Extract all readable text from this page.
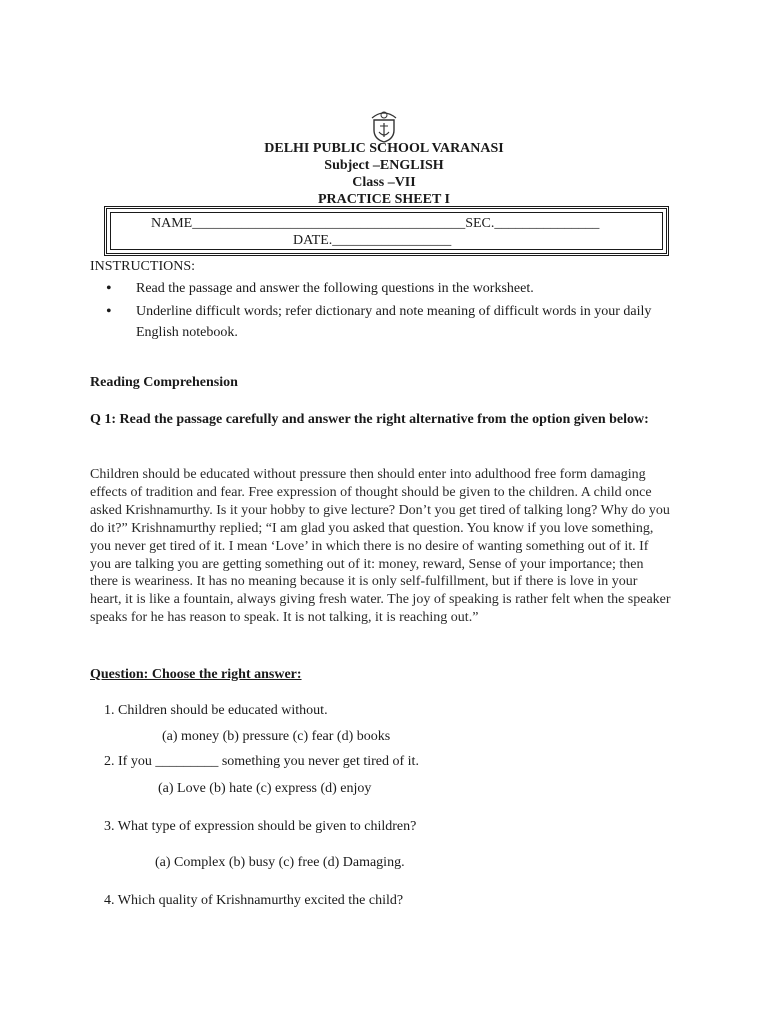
DELHI PUBLIC SCHOOL VARANASI
Subject –ENGLISH
Class –VII
PRACTICE SHEET I
NAME_______________________________________SEC._______________
DATE._________________
INSTRUCTIONS:
• Read the passage and answer the following questions in the worksheet.
• Underline difficult words; refer dictionary and note meaning of difficult words in your daily English notebook.
Reading Comprehension
Q 1: Read the passage carefully and answer the right alternative from the option given below:
Children should be educated without pressure then should enter into adulthood free form damaging effects of tradition and fear. Free expression of thought should be given to the children. A child once asked Krishnamurthy. Is it your hobby to give lecture? Don’t you get tired of talking long? Why do you do it?” Krishnamurthy replied; “I am glad you asked that question. You know if you love something, you never get tired of it. I mean ‘Love’ in which there is no desire of wanting something out of it. If you are talking you are getting something out of it: money, reward, Sense of your importance; then there is weariness. It has no meaning because it is only self-fulfillment, but if there is love in your heart, it is like a fountain, always giving fresh water. The joy of speaking is rather felt when the speaker speaks for he has reason to speak. It is not talking, it is reaching out.”
Question: Choose the right answer:
1. Children should be educated without.
(a) money (b) pressure (c) fear (d) books
2. If you _________ something you never get tired of it.
(a) Love (b) hate (c) express (d) enjoy
3. What type of expression should be given to children?
(a) Complex (b) busy (c) free (d) Damaging.
4. Which quality of Krishnamurthy excited the child?
